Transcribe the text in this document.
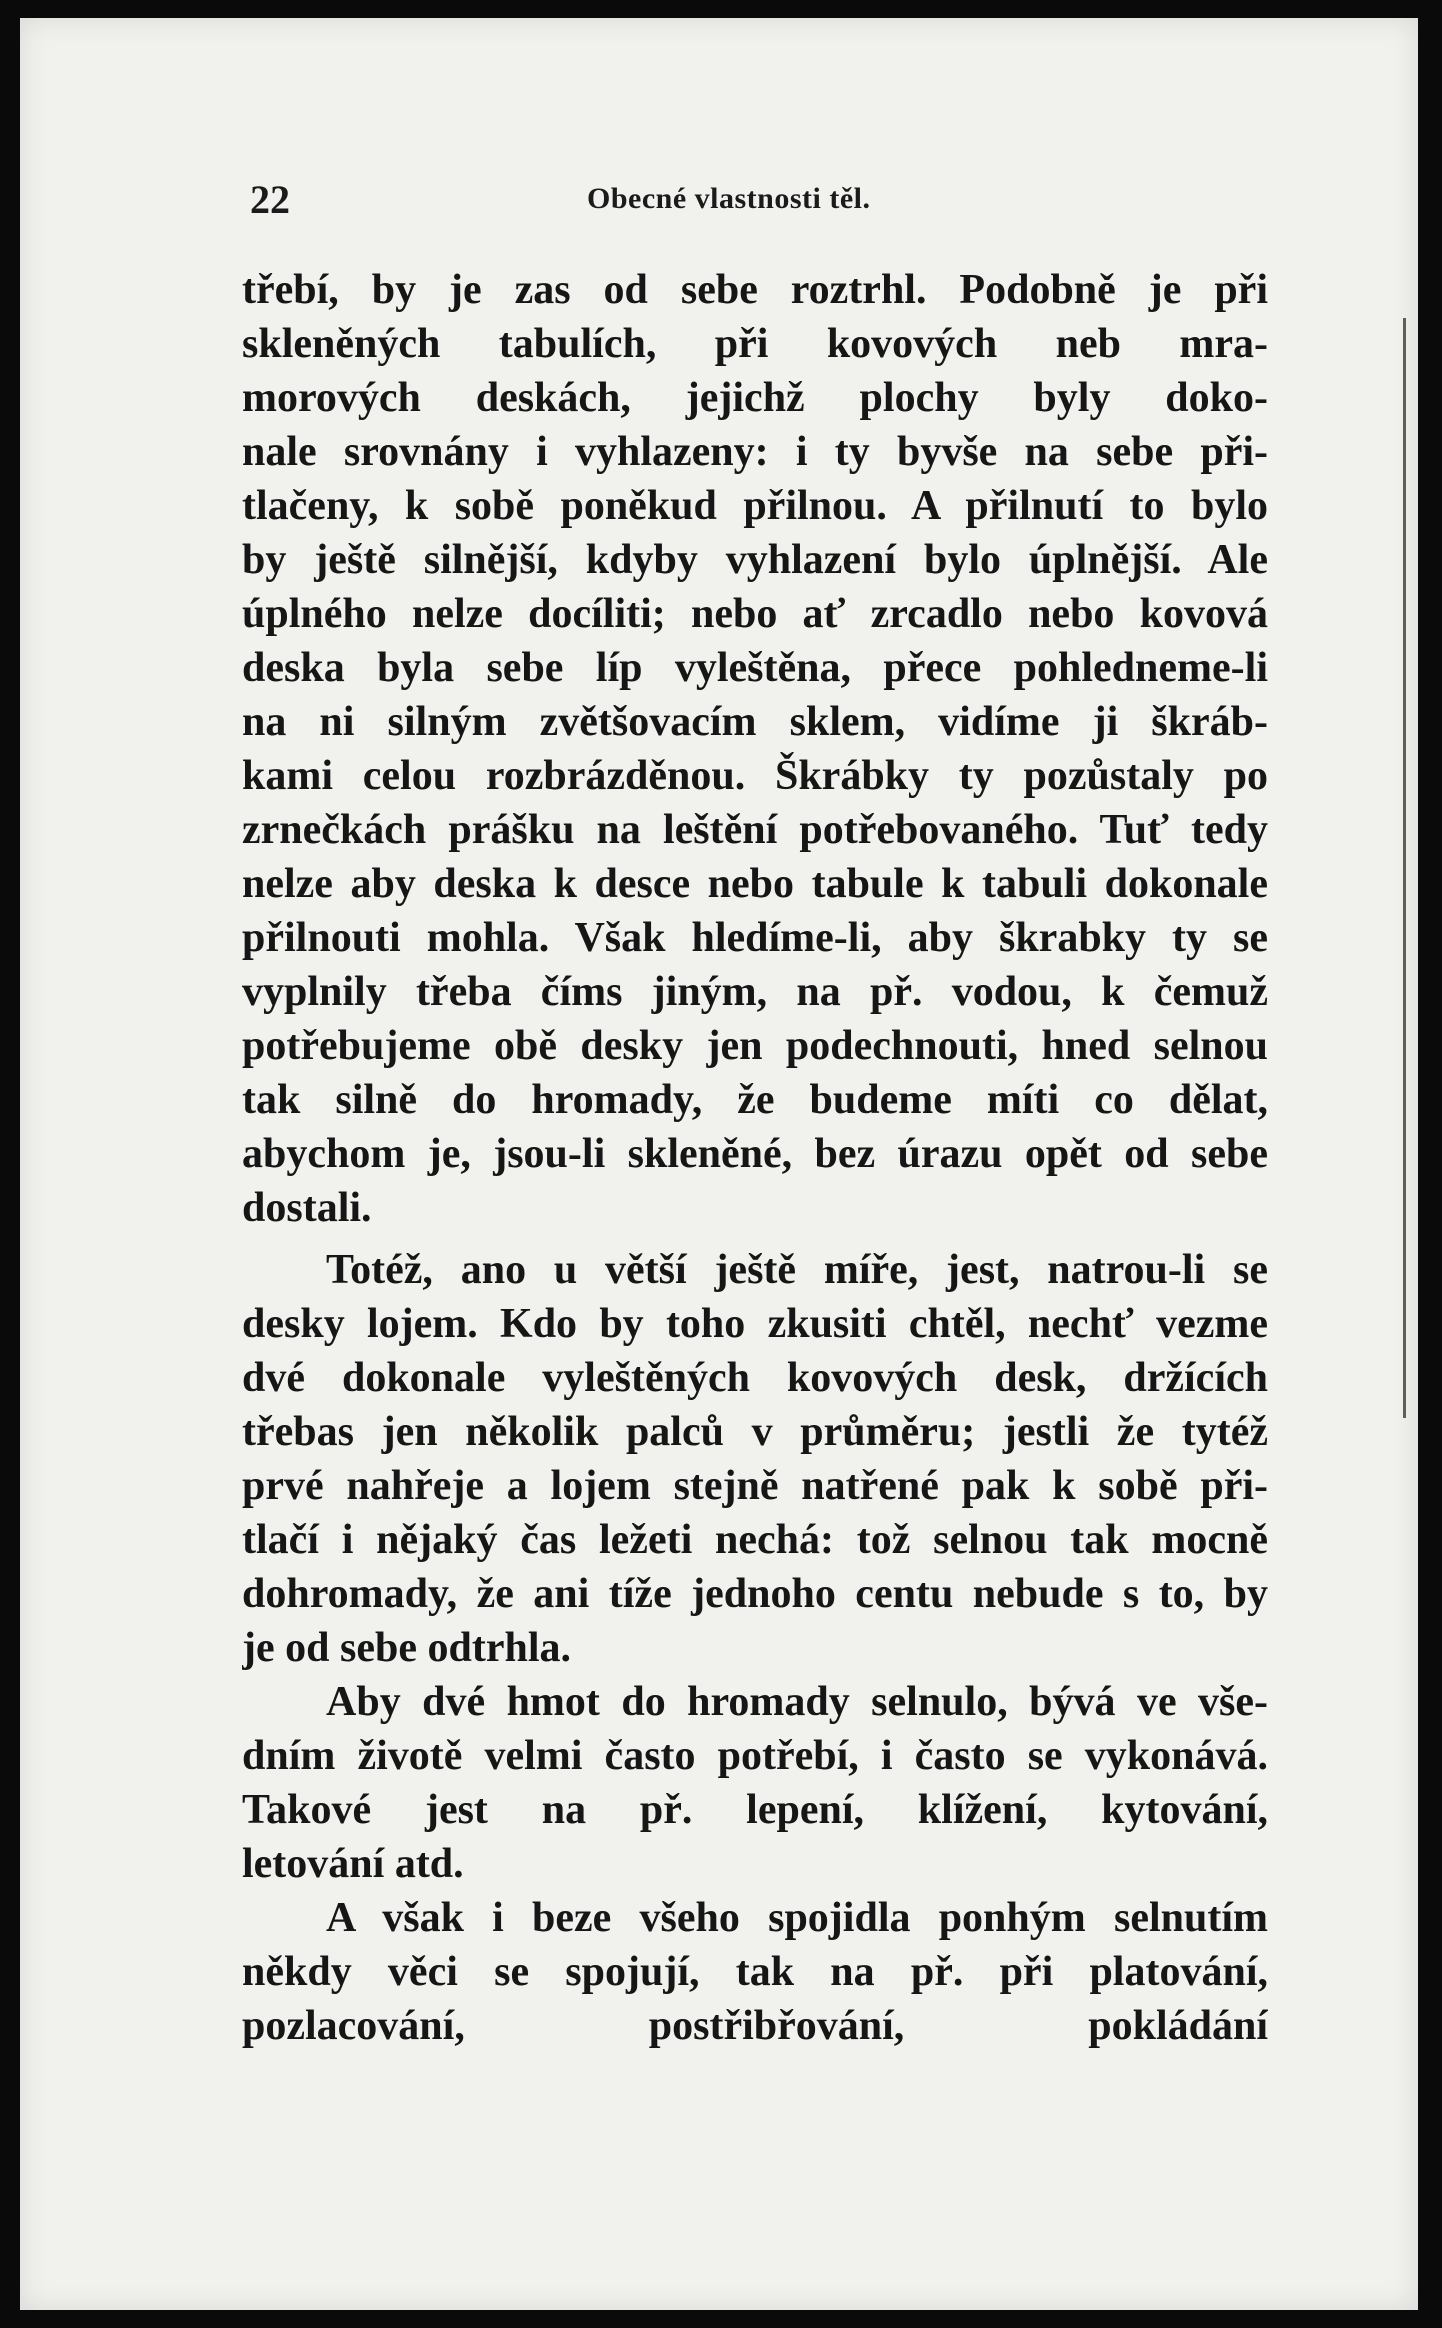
22	Obecné vlastnosti těl.
třebí, by je zas od sebe roztrhl. Podobně je při
skleněných tabulích, při kovových neb mra-
morových deskách, jejichž plochy byly doko-
nale srovnány i vyhlazeny: i ty byvše na sebe při-
tlačeny, k sobě poněkud přilnou. A přilnutí to bylo
by ještě silnější, kdyby vyhlazení bylo úplnější. Ale
úplného nelze docíliti; nebo ať zrcadlo nebo kovová
deska byla sebe líp vyleštěna, přece pohledneme-li
na ni silným zvětšovacím sklem, vidíme ji škráb-
kami celou rozbrázděnou. Škrábky ty pozůstaly po
zrnečkách prášku na leštění potřebovaného. Tuť tedy
nelze aby deska k desce nebo tabule k tabuli dokonale
přilnouti mohla. Však hledíme-li, aby škrabky ty se
vyplnily třeba číms jiným, na př. vodou, k čemuž
potřebujeme obě desky jen podechnouti, hned selnou
tak silně do hromady, že budeme míti co dělat,
abychom je, jsou-li skleněné, bez úrazu opět od sebe
dostali.
Totéž, ano u větší ještě míře, jest, natrou-li se
desky lojem. Kdo by toho zkusiti chtěl, nechť vezme
dvé dokonale vyleštěných kovových desk, držících
třebas jen několik palců v průměru; jestli že tytéž
prvé nahřeje a lojem stejně natřené pak k sobě při-
tlačí i nějaký čas ležeti nechá: tož selnou tak mocně
dohromady, že ani tíže jednoho centu nebude s to, by
je od sebe odtrhla.
Aby dvé hmot do hromady selnulo, bývá ve vše-
dním životě velmi často potřebí, i často se vykonává.
Takové jest na př. lepení, klížení, kytování,
letování atd.
A však i beze všeho spojidla ponhým selnutím
někdy věci se spojují, tak na př. při platování,
pozlacování, postřibřování, pokládání
